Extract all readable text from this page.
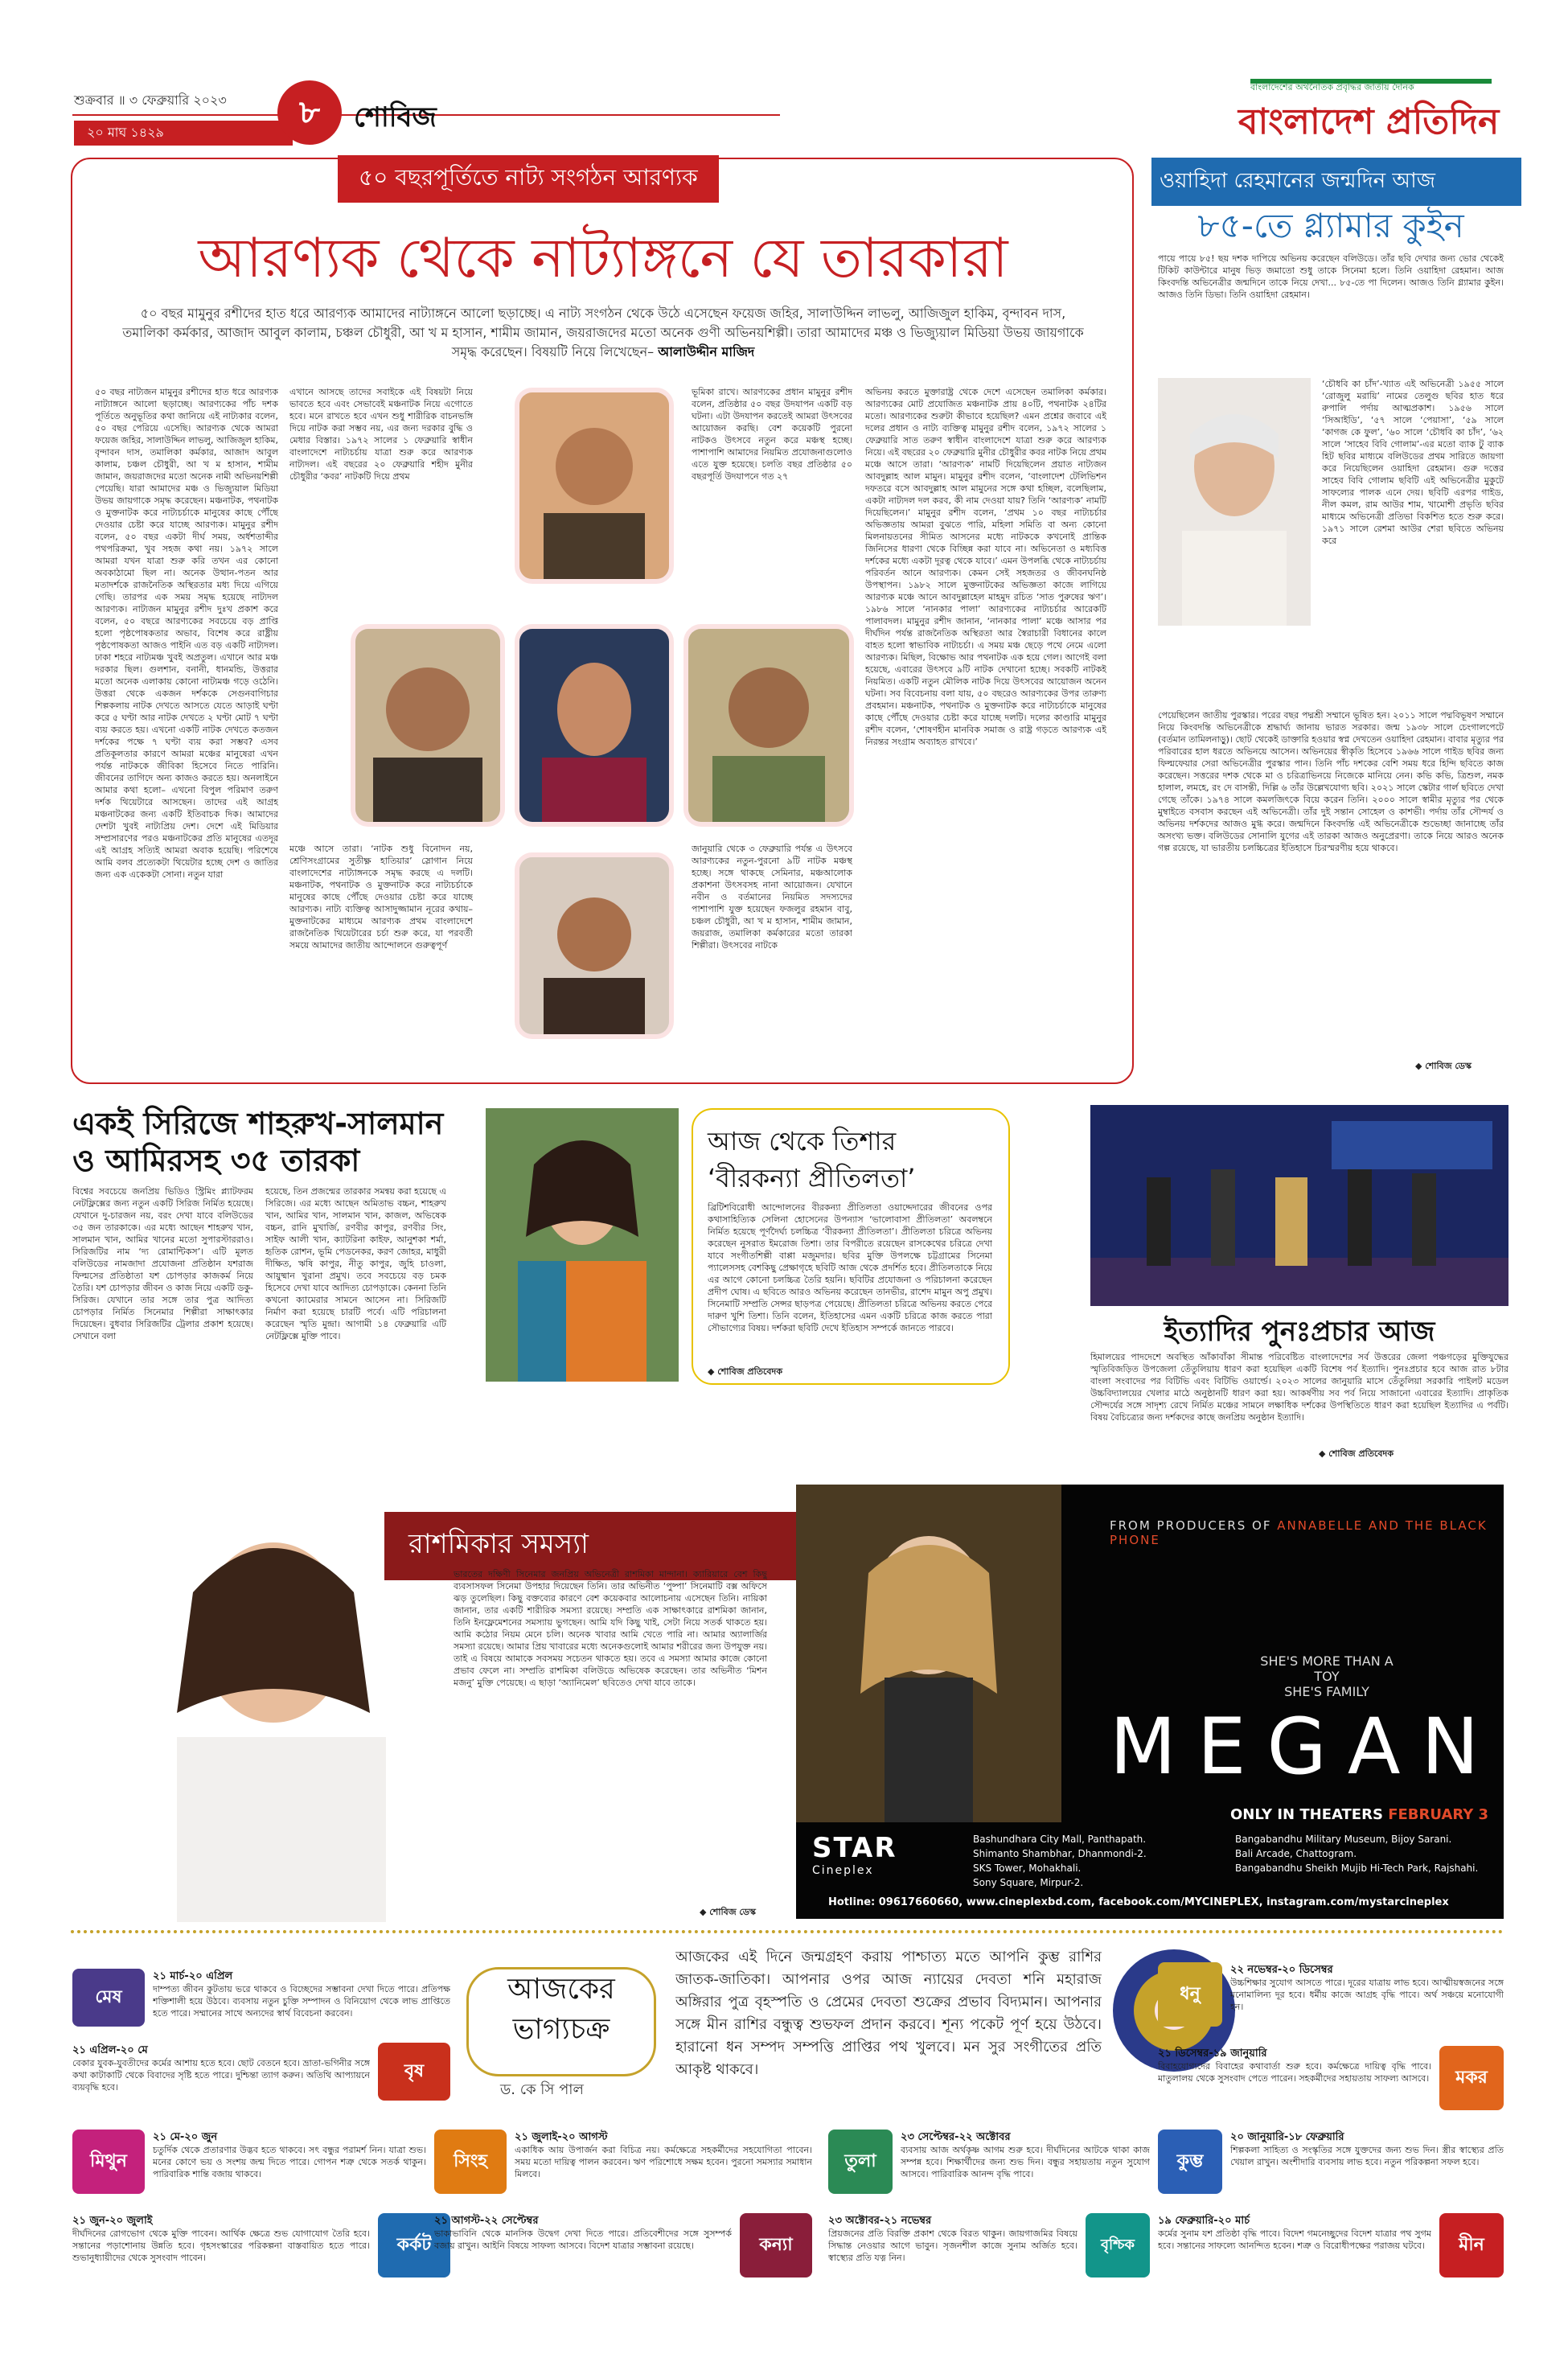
শুক্রবার ॥ ৩ ফেব্রুয়ারি ২০২৩
২০ মাঘ ১৪২৯
৮	শোবিজ
বাংলাদেশের অর্থনৈতিক প্রবৃদ্ধির জাতীয় দৈনিক
বাংলাদেশ প্রতিদিন
৫০ বছরপূর্তিতে নাট্য সংগঠন আরণ্যক
আরণ্যক থেকে নাট্যাঙ্গনে যে তারকারা
৫০ বছর মামুনুর রশীদের হাত ধরে আরণ্যক আমাদের নাট্যাঙ্গনে আলো ছড়াচ্ছে। এ নাট্য সংগঠন থেকে উঠে এসেছেন ফয়েজ জহির, সালাউদ্দিন লাভলু, আজিজুল হাকিম, বৃন্দাবন দাস, তমালিকা কর্মকার, আজাদ আবুল কালাম, চঞ্চল চৌধুরী, আ খ ম হাসান, শামীম জামান, জয়রাজদের মতো অনেক গুণী অভিনয়শিল্পী। তারা আমাদের মঞ্চ ও ভিজ্যুয়াল মিডিয়া উভয় জায়গাকে সমৃদ্ধ করেছেন। বিষয়টি নিয়ে লিখেছেন– আলাউদ্দীন মাজিদ
৫০ বছর নাট্যজন মামুনুর রশীদের হাত ধরে আরণ্যক নাট্যাঙ্গনে আলো ছড়াচ্ছে। আরণ্যকের পাঁচ দশক পূর্তিতে অনুভূতির কথা জানিয়ে এই নাট্যকার বলেন, ৫০ বছর পেরিয়ে এসেছি। আরণ্যক থেকে আমরা ফয়েজ জহির, সালাউদ্দিন লাভলু, আজিজুল হাকিম, বৃন্দাবন দাস, তমালিকা কর্মকার, আজাদ আবুল কালাম, চঞ্চল চৌধুরী, আ খ ম হাসান, শামীম জামান, জয়রাজদের মতো অনেক নামী অভিনয়শিল্পী পেয়েছি। যারা আমাদের মঞ্চ ও ভিজ্যুয়াল মিডিয়া উভয় জায়গাকে সমৃদ্ধ করেছেন। মঞ্চনাটক, পথনাটক ও মুক্তনাটক করে নাট্যচর্চাকে মানুষের কাছে পৌঁছে দেওয়ার চেষ্টা করে যাচ্ছে আরণ্যক। মামুনুর রশীদ বলেন, ৫০ বছর একটা দীর্ঘ সময়, অর্ধশতাব্দীর পথপরিক্রমা, খুব সহজ কথা নয়। ১৯৭২ সালে আমরা যখন যাত্রা শুরু করি তখন এর কোনো অবকাঠামো ছিল না। অনেক উত্থান-পতন আর মতাদর্শকে রাজনৈতিক অস্থিরতার মধ্য দিয়ে এগিয়ে গেছি। তারপর এক সময় সমৃদ্ধ হয়েছে নাট্যদল আরণ্যক। নাট্যজন মামুনুর রশীদ দুঃখ প্রকাশ করে বলেন, ৫০ বছরে আরণ্যকের সবচেয়ে বড় প্রাপ্তি হলো পৃষ্ঠপোষকতার অভাব, বিশেষ করে রাষ্ট্রীয় পৃষ্ঠপোষকতা আজও পাইনি এত বড় একটি নাট্যদল। ঢাকা শহরে নাট্যমঞ্চ খুবই অপ্রতুল। এখানে আর মঞ্চ দরকার ছিল। গুলশান, বনানী, ধানমন্ডি, উত্তরার মতো অনেক এলাকায় কোনো নাট্যমঞ্চ গড়ে ওঠেনি। উত্তরা থেকে একজন দর্শককে সেগুনবাগিচার শিল্পকলায় নাটক দেখতে আসতে যেতে আড়াই ঘণ্টা করে ৫ ঘণ্টা আর নাটক দেখতে ২ ঘণ্টা মোট ৭ ঘণ্টা ব্যয় করতে হয়। এখনো একটি নাটক দেখতে কতজন দর্শকের পক্ষে ৭ ঘণ্টা ব্যয় করা সম্ভব? এসব প্রতিকূলতার কারণে আমরা মঞ্চের মানুষেরা এখন পর্যন্ত নাটককে জীবিকা হিসেবে নিতে পারিনি। জীবনের তাগিদে অন্য কাজও করতে হয়। অনলাইনে আমার কথা হলো– এখনো বিপুল পরিমাণ তরুণ দর্শক থিয়েটারে আসছেন। তাদের এই আগ্রহ মঞ্চনাটকের জন্য একটি ইতিবাচক দিক। আমাদের দেশটা খুবই নাট্যপ্রিয় দেশ। দেশে এই মিডিয়ার সম্প্রসারণের পরও মঞ্চনাটকের প্রতি মানুষের এতদূর এই আগ্রহ সত্যিই আমরা অবাক হয়েছি। পরিশেষে আমি বলব প্রত্যেকটা থিয়েটার হচ্ছে দেশ ও জাতির জন্য এক একেকটা সোনা। নতুন যারা
এখানে আসছে তাদের সবাইকে এই বিষয়টা নিয়ে ভাবতে হবে এবং সেভাবেই মঞ্চনাটক নিয়ে এগোতে হবে। মনে রাখতে হবে এখন শুধু শারীরিক বাচনভঙ্গি দিয়ে নাটক করা সম্ভব নয়, এর জন্য দরকার বুদ্ধি ও মেধার বিস্তার। ১৯৭২ সালের ১ ফেব্রুয়ারি স্বাধীন বাংলাদেশে নাট্যচর্চায় যাত্রা শুরু করে আরণ্যক নাট্যদল। এই বছরের ২০ ফেব্রুয়ারি শহীদ মুনীর চৌধুরীর ‘কবর’ নাটকটি দিয়ে প্রথম
মঞ্চে আসে তারা। ‘নাটক শুধু বিনোদন নয়, শ্রেণিসংগ্রামের সুতীক্ষ্ণ হাতিয়ার’ স্লোগান নিয়ে বাংলাদেশের নাট্যাঙ্গনকে সমৃদ্ধ করছে এ দলটি। মঞ্চনাটক, পথনাটক ও মুক্তনাটক করে নাট্যচর্চাকে মানুষের কাছে পৌঁছে দেওয়ার চেষ্টা করে যাচ্ছে আরণ্যক। নাট্য ব্যক্তিত্ব আসাদুজ্জামান নূরের কথায়– মুক্তনাটকের মাধ্যমে আরণ্যক প্রথম বাংলাদেশে রাজনৈতিক থিয়েটারের চর্চা শুরু করে, যা পরবর্তী সময়ে আমাদের জাতীয় আন্দোলনে গুরুত্বপূর্ণ
ভূমিকা রাখে। আরণ্যকের প্রধান মামুনুর রশীদ বলেন, প্রতিষ্ঠার ৫০ বছর উদযাপন একটি বড় ঘটনা। এটা উদযাপন করতেই আমরা উৎসবের আয়োজন করছি। বেশ কয়েকটি পুরনো নাটকও উৎসবে নতুন করে মঞ্চস্থ হচ্ছে। পাশাপাশি আমাদের নিয়মিত প্রযোজনাগুলোও এতে যুক্ত হয়েছে। চলতি বছর প্রতিষ্ঠার ৫০ বছরপূর্তি উদযাপনে গত ২৭
জানুয়ারি থেকে ৩ ফেব্রুয়ারি পর্যন্ত এ উৎসবে আরণ্যকের নতুন-পুরনো ৯টি নাটক মঞ্চস্থ হচ্ছে। সঙ্গে থাকছে সেমিনার, মঞ্চআলোক প্রকাশনা উৎসবসহ নানা আয়োজন। যেখানে নবীন ও বর্তমানের নিয়মিত সদস্যদের পাশাপাশি যুক্ত হয়েছেন ফজলুর রহমান বাবু, চঞ্চল চৌধুরী, আ খ ম হাসান, শামীম জামান, জয়রাজ, তমালিকা কর্মকারের মতো তারকা শিল্পীরা। উৎসবের নাটকে
অভিনয় করতে মুক্তারাষ্ট্র থেকে দেশে এসেছেন তমালিকা কর্মকার। আরণ্যকের মোট প্রযোজিত মঞ্চনাটক প্রায় ৪০টি, পথনাটক ২৪টির মতো। আরণ্যকের শুরুটা কীভাবে হয়েছিল? এমন প্রশ্নের জবাবে এই দলের প্রধান ও নাট্য ব্যক্তিত্ব মামুনুর রশীদ বলেন, ১৯৭২ সালের ১ ফেব্রুয়ারি সাত তরুণ স্বাধীন বাংলাদেশে যাত্রা শুরু করে আরণ্যক নিয়ে। এই বছরের ২০ ফেব্রুয়ারি মুনীর চৌধুরীর কবর নাটক নিয়ে প্রথম মঞ্চে আসে তারা। ‘আরণ্যক’ নামটি দিয়েছিলেন প্রয়াত নাট্যজন আবদুল্লাহ আল মামুন। মামুনুর রশীদ বলেন, ‘বাংলাদেশ টেলিভিশন দফতরে বসে আবদুল্লাহ আল মামুনের সঙ্গে কথা হচ্ছিল, বলেছিলাম, একটা নাট্যদল দল করব, কী নাম দেওয়া যায়? তিনি ‘আরণ্যক’ নামটি দিয়েছিলেন।’ মামুনুর রশীদ বলেন, ‘প্রথম ১০ বছর নাট্যচর্চার অভিজ্ঞতায় আমরা বুঝতে পারি, মহিলা সমিতি বা অন্য কোনো মিলনায়তনের সীমিত আসনের মধ্যে নাটককে কখনোই প্রান্তিক জিনিসের ধারণা থেকে বিচ্ছিন্ন করা যাবে না। অভিনেতা ও মধ্যবিত্ত দর্শকের মধ্যে একটা দূরত্ব থেকে যাবে।’ এমন উপলব্ধি থেকে নাট্যচর্চায় পরিবর্তন আনে আরণ্যক। কেমন সেই সহজতর ও জীবনঘনিষ্ঠ উপস্থাপন। ১৯৮২ সালে মুক্তনাটকের অভিজ্ঞতা কাজে লাগিয়ে আরণ্যক মঞ্চে আনে আবদুল্লাহেল মাহমুদ রচিত ‘সাত পুরুষের ঋণ’। ১৯৮৬ সালে ‘নানকার পালা’ আরণ্যকের নাট্যচর্চার আরেকটি পালাবদল। মামুনুর রশীদ জানান, ‘নানকার পালা’ মঞ্চে আসার পর দীর্ঘদিন পর্যন্ত রাজনৈতিক অস্থিরতা আর স্বৈরাচারী বিধানের কালে বাহত হলো স্বাভাবিক নাট্যচর্চা। এ সময় মঞ্চ ছেড়ে পথে নেমে এলো আরণ্যক। মিছিল, বিক্ষোভ আর পথনাটক এক হয়ে গেল। আগেই বলা হয়েছে, এবারের উৎসবে ৯টি নাটক দেখানো হচ্ছে। সবকটি নাটকই নিয়মিত। একটি নতুন মৌলিক নাটক দিয়ে উৎসবের আয়োজন অনেন ঘটনা। সব বিবেচনায় বলা যায়, ৫০ বছরেও আরণ্যকের উপর তারুণ্য প্রবহমান। মঞ্চনাটক, পথনাটক ও মুক্তনাটক করে নাট্যচর্চাকে মানুষের কাছে পৌঁছে দেওয়ার চেষ্টা করে যাচ্ছে দলটি। দলের কাণ্ডারি মামুনুর রশীদ বলেন, ‘শোষণহীন মানবিক সমাজ ও রাষ্ট্র গড়তে আরণ্যক এই নিরন্তর সংগ্রাম অব্যাহত রাখবে।’
ওয়াহিদা রেহমানের জন্মদিন আজ
৮৫-তে গ্ল্যামার কুইন
পায়ে পায়ে ৮৫! ছয় দশক দাপিয়ে অভিনয় করেছেন বলিউডে। তাঁর ছবি দেখার জন্য ভোর থেকেই টিকিট কাউন্টারে মানুষ ভিড় জমাতো শুধু তাকে সিনেমা হলে। তিনি ওয়াহিদা রেহমান। আজ কিংবদন্তি অভিনেত্রীর জন্মদিনে তাকে নিয়ে দেখা... ৮৫-তে পা দিলেন। আজও তিনি গ্ল্যামার কুইন। আজও তিনি ডিভা। তিনি ওয়াহিদা রেহমান।
‘চৌধবি কা চাঁদ’-খ্যাত এই অভিনেত্রী ১৯৫৫ সালে ‘রোজুলু মরায়ি’ নামের তেলুগু ছবির হাত ধরে রুপালি পর্দায় আত্মপ্রকাশ। ১৯৫৬ সালে ‘সিআইডি’, ‘৫৭ সালে ‘পেয়াসা’, ‘৫৯ সালে ‘কাগজ কে ফুল’, ‘৬০ সালে ‘চৌধবি কা চাঁদ’, ‘৬২ সালে ‘সাহেব বিবি গোলাম’-এর মতো ব্যাক টু ব্যাক হিট ছবির মাধ্যমে বলিউডের প্রথম সারিতে জায়গা করে নিয়েছিলেন ওয়াহিদা রেহমান। গুরু দত্তের সাহেব বিবি গোলাম ছবিটি এই অভিনেত্রীর মুকুটে সাফল্যের পালক এনে দেয়। ছবিটি এরপর গাইড, নীল কমল, রাম আউর শাম, খামোশী প্রভৃতি ছবির মাধ্যমে অভিনেত্রী প্রতিভা বিকশিত হতে শুরু করে। ১৯৭১ সালে রেশমা আউর শেরা ছবিতে অভিনয় করে
পেয়েছিলেন জাতীয় পুরস্কার। পরের বছর পদ্মশ্রী সম্মানে ভূষিত হন। ২০১১ সালে পদ্মবিভূষণ সম্মানে নিয়ে কিংবদন্তি অভিনেত্রীকে শ্রদ্ধার্ঘ্য জানায় ভারত সরকার। জন্ম ১৯৩৮ সালে চেংগালপেটে (বর্তমান তামিলনাড়ু)। ছোট থেকেই ডাক্তারি হওয়ার স্বপ্ন দেখতেন ওয়াহিদা রেহমান। বাবার মৃত্যুর পর পরিবারের হাল ধরতে অভিনয়ে আসেন। অভিনয়ের স্বীকৃতি হিসেবে ১৯৬৬ সালে গাইড ছবির জন্য ফিল্মফেয়ার সেরা অভিনেত্রীর পুরস্কার পান। তিনি পাঁচ দশকের বেশি সময় ধরে হিন্দি ছবিতে কাজ করেছেন। সত্তরের দশক থেকে মা ও চরিত্রাভিনয়ে নিজেকে মানিয়ে নেন। কভি কভি, ত্রিশুল, নমক হালাল, লমহে, রং দে বাসন্তী, দিল্লি ৬ তাঁর উল্লেখযোগ্য ছবি। ২০২১ সালে স্কেটার গার্ল ছবিতে দেখা গেছে তাঁকে। ১৯৭৪ সালে কমলজিৎকে বিয়ে করেন তিনি। ২০০০ সালে স্বামীর মৃত্যুর পর থেকে মুম্বাইতে বসবাস করছেন এই অভিনেত্রী। তাঁর দুই সন্তান সোহেল ও কাশভী। পর্দায় তাঁর সৌন্দর্য ও অভিনয় দর্শকদের আজও মুগ্ধ করে। জন্মদিনে কিংবদন্তি এই অভিনেত্রীকে শুভেচ্ছা জানাচ্ছে তাঁর অসংখ্য ভক্ত। বলিউডের সোনালি যুগের এই তারকা আজও অনুপ্রেরণা। তাকে নিয়ে আরও অনেক গল্প রয়েছে, যা ভারতীয় চলচ্চিত্রের ইতিহাসে চিরস্মরণীয় হয়ে থাকবে।
◆ শোবিজ ডেস্ক
একই সিরিজে শাহরুখ-সালমান ও আমিরসহ ৩৫ তারকা
বিশ্বের সবচেয়ে জনপ্রিয় ভিডিও স্ট্রিমিং প্ল্যাটফরম নেটফ্লিক্সের জন্য নতুন একটি সিরিজ নির্মিত হয়েছে। যেখানে দু-চারজন নয়, বরং দেখা যাবে বলিউডের ৩৫ জন তারকাকে। এর মধ্যে আছেন শাহরুখ খান, সালমান খান, আমির খানের মতো সুপারস্টাররাও। সিরিজটির নাম ‘দ্য রোমান্টিকস’। এটি মূলত বলিউডের নামজাদা প্রযোজনা প্রতিষ্ঠান যশরাজ ফিল্মসের প্রতিষ্ঠাতা যশ চোপড়ার কাজকর্ম নিয়ে তৈরি। যশ চোপড়ার জীবন ও কাজ নিয়ে একটি ডকু-সিরিজ। যেখানে তার সঙ্গে তার পুত্র আদিত্য চোপড়ার নির্মিত সিনেমার শিল্পীরা সাক্ষাৎকার দিয়েছেন। বুধবার সিরিজটির ট্রেলার প্রকাশ হয়েছে। সেখানে বলা
হয়েছে, তিন প্রজন্মের তারকার সমন্বয় করা হয়েছে এ সিরিজে। এর মধ্যে আছেন অমিতাভ বচ্চন, শাহরুখ খান, আমির খান, সালমান খান, কাজল, অভিষেক বচ্চন, রানি মুখার্জি, রণবীর কাপুর, রণবীর সিং, সাইফ আলী খান, ক্যাটরিনা কাইফ, আনুশকা শর্মা, হৃতিক রোশন, ভূমি পেডনেকর, করণ জোহর, মাধুরী দীক্ষিত, ঋষি কাপুর, নীতু কাপুর, জুহি চাওলা, আয়ুষ্মান খুরানা প্রমুখ। তবে সবচেয়ে বড় চমক হিসেবে দেখা যাবে আদিত্য চোপড়াকে। কেননা তিনি কখনো ক্যামেরার সামনে আসেন না। সিরিজটি নির্মাণ করা হয়েছে চারটি পর্বে। এটি পরিচালনা করেছেন স্মৃতি মুন্দ্রা। আগামী ১৪ ফেব্রুয়ারি এটি নেটফ্লিক্সে মুক্তি পাবে।
আজ থেকে তিশার
‘বীরকন্যা প্রীতিলতা’
ব্রিটিশবিরোধী আন্দোলনের বীরকন্যা প্রীতিলতা ওয়াদ্দেদারের জীবনের ওপর কথাসাহিত্যিক সেলিনা হোসেনের উপন্যাস ‘ভালোবাসা প্রীতিলতা’ অবলম্বনে নির্মিত হয়েছে পূর্ণদৈর্ঘ্য চলচ্চিত্র ‘বীরকন্যা প্রীতিলতা’। প্রীতিলতা চরিত্রে অভিনয় করেছেন নুসরাত ইমরোজ তিশা। তার বিপরীতে রয়েছেন রাসকেথের চরিত্রে দেখা যাবে সংগীতশিল্পী বাপ্পা মজুমদার। ছবির মুক্তি উপলক্ষে চট্টগ্রামের সিনেমা প্যালেসসহ বেশকিছু প্রেক্ষাগৃহে ছবিটি আজ থেকে প্রদর্শিত হবে। প্রীতিলতাকে নিয়ে এর আগে কোনো চলচ্চিত্র তৈরি হয়নি। ছবিটির প্রযোজনা ও পরিচালনা করেছেন প্রদীপ ঘোষ। এ ছবিতে আরও অভিনয় করেছেন তানভীর, রাশেদ মামুন অপু প্রমুখ। সিনেমাটি সম্প্রতি সেন্সর ছাড়পত্র পেয়েছে। প্রীতিলতা চরিত্রে অভিনয় করতে পেরে দারুণ খুশি তিশা। তিনি বলেন, ইতিহাসের এমন একটি চরিত্রে কাজ করতে পারা সৌভাগ্যের বিষয়। দর্শকরা ছবিটি দেখে ইতিহাস সম্পর্কে জানতে পারবে।
◆ শোবিজ প্রতিবেদক
ইত্যাদির পুনঃপ্রচার আজ
হিমালয়ের পাদদেশে অবস্থিত আঁকাবাঁকা সীমান্ত পরিবেষ্টিত বাংলাদেশের সর্ব উত্তরের জেলা পঞ্চগড়ের মুক্তিযুদ্ধের স্মৃতিবিজড়িত উপজেলা তেঁতুলিয়ায় ধারণ করা হয়েছিল একটি বিশেষ পর্ব ইত্যাদি। পুনঃপ্রচার হবে আজ রাত ৮টার বাংলা সংবাদের পর বিটিভি এবং বিটিভি ওয়ার্ল্ডে। ২০২৩ সালের জানুয়ারি মাসে তেঁতুলিয়া সরকারি পাইলট মডেল উচ্চবিদ্যালয়ের খেলার মাঠে অনুষ্ঠানটি ধারণ করা হয়। আকর্ষণীয় সব পর্ব নিয়ে সাজানো এবারের ইত্যাদি। প্রাকৃতিক সৌন্দর্যের সঙ্গে সাদৃশ্য রেখে নির্মিত মঞ্চের সামনে লক্ষাধিক দর্শকের উপস্থিতিতে ধারণ করা হয়েছিল ইত্যাদির এ পর্বটি। বিষয় বৈচিত্র্যের জন্য দর্শকদের কাছে জনপ্রিয় অনুষ্ঠান ইত্যাদি।
◆ শোবিজ প্রতিবেদক
রাশমিকার সমস্যা
ভারতের দক্ষিণী সিনেমার জনপ্রিয় অভিনেত্রী রাশমিকা মান্দানা। ক্যারিয়ারে বেশ কিছু ব্যবসাসফল সিনেমা উপহার দিয়েছেন তিনি। তার অভিনীত ‘পুষ্পা’ সিনেমাটি বক্স অফিসে ঝড় তুলেছিল। কিছু বক্তব্যের কারণে বেশ কয়েকবার আলোচনায় এসেছেন তিনি। নায়িকা জানান, তার একটি শারীরিক সমস্যা রয়েছে। সম্প্রতি এক সাক্ষাৎকারে রাশমিকা জানান, তিনি ইনফ্লেমেশনের সমস্যায় ভুগছেন। আমি যদি কিছু খাই, সেটা নিয়ে সতর্ক থাকতে হয়। আমি কঠোর নিয়ম মেনে চলি। অনেক খাবার আমি খেতে পারি না। আমার অ্যালার্জির সমস্যা রয়েছে। আমার প্রিয় খাবারের মধ্যে অনেকগুলোই আমার শরীরের জন্য উপযুক্ত নয়। তাই এ বিষয়ে আমাকে সবসময় সচেতন থাকতে হয়। তবে এ সমস্যা আমার কাজে কোনো প্রভাব ফেলে না। সম্প্রতি রাশমিকা বলিউডে অভিষেক করেছেন। তার অভিনীত ‘মিশন মজনু’ মুক্তি পেয়েছে। এ ছাড়া ‘অ্যানিমেল’ ছবিতেও দেখা যাবে তাকে।
◆ শোবিজ ডেস্ক
FROM PRODUCERS OF ANNABELLE AND THE BLACK PHONE
SHE'S MORE THAN A TOY
SHE'S FAMILY
MEGAN
ONLY IN THEATERS FEBRUARY 3
STAR
Cineplex
Bashundhara City Mall, Panthapath.
Shimanto Shambhar, Dhanmondi-2.
SKS Tower, Mohakhali.
Sony Square, Mirpur-2.
Bangabandhu Military Museum, Bijoy Sarani.
Bali Arcade, Chattogram.
Bangabandhu Sheikh Mujib Hi-Tech Park, Rajshahi.
Hotline: 09617660660, www.cineplexbd.com, facebook.com/MYCINEPLEX, instagram.com/mystarcineplex
আজকের
ভাগ্যচক্র
ড. কে সি পাল
আজকের এই দিনে জন্মগ্রহণ করায় পাশ্চাত্য মতে আপনি কুম্ভ রাশির জাতক-জাতিকা। আপনার ওপর আজ ন্যায়ের দেবতা শনি মহারাজ অঙ্গিরার পুত্র বৃহস্পতি ও প্রেমের দেবতা শুক্রের প্রভাব বিদ্যমান। আপনার সঙ্গে মীন রাশির বন্ধুত্ব শুভফল প্রদান করবে। শূন্য পকেট পূর্ণ হয়ে উঠবে। হারানো ধন সম্পদ সম্পত্তি প্রাপ্তির পথ খুলবে। মন সুর সংগীতের প্রতি আকৃষ্ট থাকবে।
মেষ
২১ মার্চ-২০ এপ্রিল
দাম্পত্য জীবন কুটতায় ভরে থাকবে ও বিচ্ছেদের সম্ভাবনা দেখা দিতে পারে। প্রতিপক্ষ শক্তিশালী হয়ে উঠবে। ব্যবসায় নতুন চুক্তি সম্পাদন ও বিনিয়োগ থেকে লাভ প্রাপ্তিতে হতে পারে। সম্মানের সাথে অন্যদের স্বার্থ বিবেচনা করবেন।
বৃষ
২১ এপ্রিল-২০ মে
বেকার যুবক-যুবতীদের কর্মের আশায় হতে হবে। ছোট বেতনে হবে। ভ্রাতা-ভগিনীর সঙ্গে কথা কাটাকাটি থেকে বিবাদের সৃষ্টি হতে পারে। দুশ্চিন্তা ত্যাগ করুন। অতিথি আপ্যায়নে ব্যয়বৃদ্ধি হবে।
মিথুন
২১ মে-২০ জুন
চতুর্দিক থেকে প্রতারণার উদ্ভব হতে থাকবে। সৎ বন্ধুর পরামর্শ নিন। যাত্রা শুভ। মনের কোণে ভয় ও সংশয় জন্ম দিতে পারে। গোপন শত্রু থেকে সতর্ক থাকুন। পারিবারিক শান্তি বজায় থাকবে।
কর্কট
২১ জুন-২০ জুলাই
দীর্ঘদিনের রোগভোগ থেকে মুক্তি পাবেন। আর্থিক ক্ষেত্রে শুভ যোগাযোগ তৈরি হবে। সন্তানের পড়াশোনায় উন্নতি হবে। গৃহসংস্কারের পরিকল্পনা বাস্তবায়িত হতে পারে। শুভানুধ্যায়ীদের থেকে সুসংবাদ পাবেন।
সিংহ
২১ জুলাই-২০ আগস্ট
একাধিক আয় উপার্জন করা বিচিত্র নয়। কর্মক্ষেত্রে সহকর্মীদের সহযোগিতা পাবেন। সময় মতো দায়িত্ব পালন করবেন। ঋণ পরিশোধে সক্ষম হবেন। পুরনো সমস্যার সমাধান মিলবে।
কন্যা
২১ আগস্ট-২২ সেপ্টেম্বর
ভাকাভাবিনি থেকে মানসিক উদ্বেগ দেখা দিতে পারে। প্রতিবেশীদের সঙ্গে সুসম্পর্ক বজায় রাখুন। আইনি বিষয়ে সাফল্য আসবে। বিদেশ যাত্রার সম্ভাবনা রয়েছে।
তুলা
২৩ সেপ্টেম্বর-২২ অক্টোবর
ব্যবসায় আজ অর্থকৃষ্ণ আগম শুরু হবে। দীর্ঘদিনের আটকে থাকা কাজ সম্পন্ন হবে। শিক্ষার্থীদের জন্য শুভ দিন। বন্ধুর সহায়তায় নতুন সুযোগ আসবে। পারিবারিক আনন্দ বৃদ্ধি পাবে।
বৃশ্চিক
২৩ অক্টোবর-২১ নভেম্বর
প্রিয়জনের প্রতি বিরক্তি প্রকাশ থেকে বিরত থাকুন। জায়গাজমির বিষয়ে সিদ্ধান্ত নেওয়ার আগে ভাবুন। সৃজনশীল কাজে সুনাম অর্জিত হবে। স্বাস্থ্যের প্রতি যত্ন নিন।
ধনু
২২ নভেম্বর-২০ ডিসেম্বর
উচ্চশিক্ষার সুযোগ আসতে পারে। দূরের যাত্রায় লাভ হবে। আত্মীয়স্বজনের সঙ্গে মনোমালিন্য দূর হবে। ধর্মীয় কাজে আগ্রহ বৃদ্ধি পাবে। অর্থ সঞ্চয়ে মনোযোগী হন।
মকর
২১ ডিসেম্বর-১৯ জানুয়ারি
বিবাহযোগ্যদের বিবাহের কথাবার্তা শুরু হবে। কর্মক্ষেত্রে দায়িত্ব বৃদ্ধি পাবে। মাতুলালয় থেকে সুসংবাদ পেতে পারেন। সহকর্মীদের সহায়তায় সাফল্য আসবে।
কুম্ভ
২০ জানুয়ারি-১৮ ফেব্রুয়ারি
শিল্পকলা সাহিত্য ও সংস্কৃতির সঙ্গে যুক্তদের জন্য শুভ দিন। স্ত্রীর স্বাস্থ্যের প্রতি খেয়াল রাখুন। অংশীদারি ব্যবসায় লাভ হবে। নতুন পরিকল্পনা সফল হবে।
মীন
১৯ ফেব্রুয়ারি-২০ মার্চ
কর্মের সুনাম যশ প্রতিষ্ঠা বৃদ্ধি পাবে। বিদেশ গমনেচ্ছুদের বিদেশ যাত্রার পথ সুগম হবে। সন্তানের সাফল্যে আনন্দিত হবেন। শত্রু ও বিরোধীপক্ষের পরাজয় ঘটবে।
